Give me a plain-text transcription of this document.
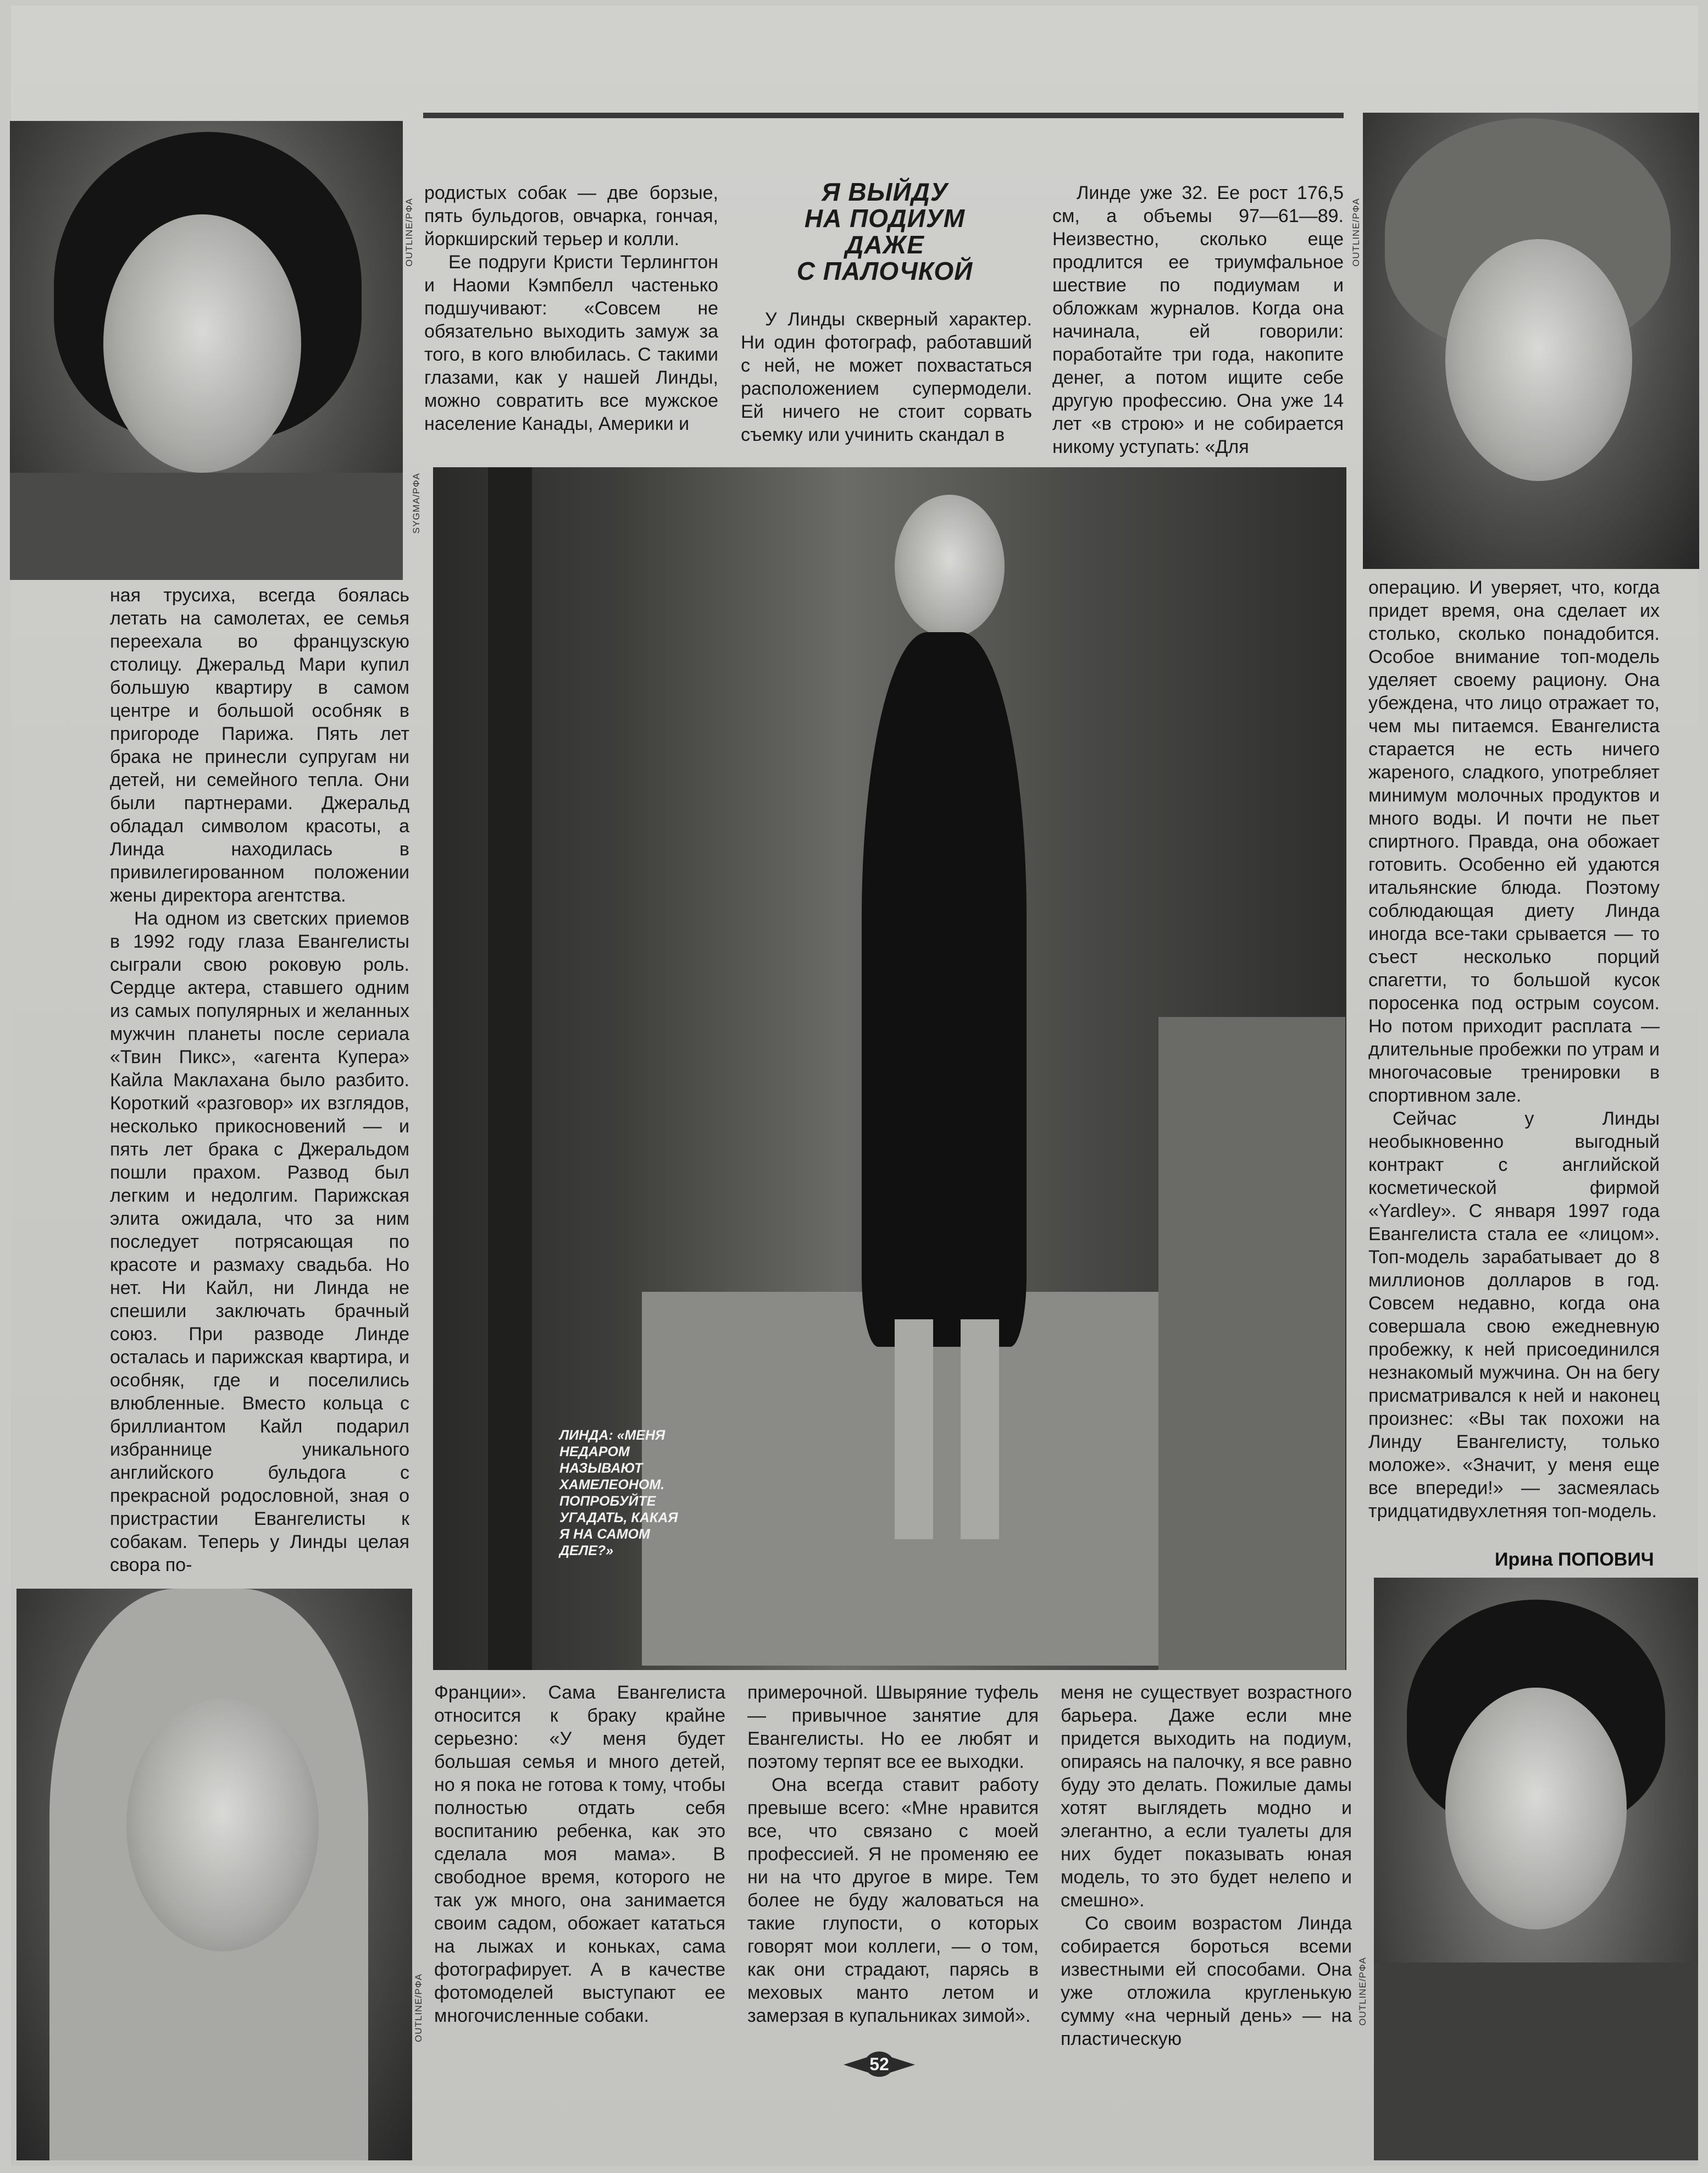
OUTLINE/PФA	OUTLINE/PФA
SYGMA/PФA
ЛИНДА: «МЕНЯ НЕДАРОМ НАЗЫВАЮТ ХАМЕЛЕОНОМ. ПОПРОБУЙТЕ УГАДАТЬ, КАКАЯ Я НА САМОМ ДЕЛЕ?»
OUTLINE/PФA	OUTLINE/PФA
Я ВЫЙДУ
НА ПОДИУМ
ДАЖЕ
С ПАЛОЧКОЙ

родистых собак — две борзые, пять бульдогов, овчарка, гончая, йоркширский терьер и колли.

Ее подруги Кристи Терлингтон и Наоми Кэмпбелл частенько подшучивают: «Совсем не обязательно выходить замуж за того, в кого влюбилась. С такими глазами, как у нашей Линды, можно совратить все мужское население Канады, Америки и

У Линды скверный характер. Ни один фотограф, работавший с ней, не может похвастаться расположением супермодели. Ей ничего не стоит сорвать съемку или учинить скандал в

Линде уже 32. Ее рост 176,5 см, а объемы 97—61—89. Неизвестно, сколько еще продлится ее триумфальное шествие по подиумам и обложкам журналов. Когда она начинала, ей говорили: поработайте три года, накопите денег, а потом ищите себе другую профессию. Она уже 14 лет «в строю» и не собирается никому уступать: «Для

ная трусиха, всегда боялась летать на самолетах, ее семья переехала во французскую столицу. Джеральд Мари купил большую квартиру в самом центре и большой особняк в пригороде Парижа. Пять лет брака не принесли супругам ни детей, ни семейного тепла. Они были партнерами. Джеральд обладал символом красоты, а Линда находилась в привилегированном положении жены директора агентства.

На одном из светских приемов в 1992 году глаза Евангелисты сыграли свою роковую роль. Сердце актера, ставшего одним из самых популярных и желанных мужчин планеты после сериала «Твин Пикс», «агента Купера» Кайла Маклахана было разбито. Короткий «разговор» их взглядов, несколько прикосновений — и пять лет брака с Джеральдом пошли прахом. Развод был легким и недолгим. Парижская элита ожидала, что за ним последует потрясающая по красоте и размаху свадьба. Но нет. Ни Кайл, ни Линда не спешили заключать брачный союз. При разводе Линде осталась и парижская квартира, и особняк, где и поселились влюбленные. Вместо кольца с бриллиантом Кайл подарил избраннице уникального английского бульдога с прекрасной родословной, зная о пристрастии Евангелисты к собакам. Теперь у Линды целая свора по-

операцию. И уверяет, что, когда придет время, она сделает их столько, сколько понадобится. Особое внимание топ-модель уделяет своему рациону. Она убеждена, что лицо отражает то, чем мы питаемся. Евангелиста старается не есть ничего жареного, сладкого, употребляет минимум молочных продуктов и много воды. И почти не пьет спиртного. Правда, она обожает готовить. Особенно ей удаются итальянские блюда. Поэтому соблюдающая диету Линда иногда все-таки срывается — то съест несколько порций спагетти, то большой кусок поросенка под острым соусом. Но потом приходит расплата — длительные пробежки по утрам и многочасовые тренировки в спортивном зале.

Сейчас у Линды необыкновенно выгодный контракт с английской косметической фирмой «Yardley». С января 1997 года Евангелиста стала ее «лицом». Топ-модель зарабатывает до 8 миллионов долларов в год. Совсем недавно, когда она совершала свою ежедневную пробежку, к ней присоединился незнакомый мужчина. Он на бегу присматривался к ней и наконец произнес: «Вы так похожи на Линду Евангелисту, только моложе». «Значит, у меня еще все впереди!» — засмеялась тридцатидвухлетняя топ-модель.

Ирина ПОПОВИЧ

Франции». Сама Евангелиста относится к браку крайне серьезно: «У меня будет большая семья и много детей, но я пока не готова к тому, чтобы полностью отдать себя воспитанию ребенка, как это сделала моя мама». В свободное время, которого не так уж много, она занимается своим садом, обожает кататься на лыжах и коньках, сама фотографирует. А в качестве фотомоделей выступают ее многочисленные собаки.

примерочной. Швыряние туфель — привычное занятие для Евангелисты. Но ее любят и поэтому терпят все ее выходки.

Она всегда ставит работу превыше всего: «Мне нравится все, что связано с моей профессией. Я не променяю ее ни на что другое в мире. Тем более не буду жаловаться на такие глупости, о которых говорят мои коллеги, — о том, как они страдают, парясь в меховых манто летом и замерзая в купальниках зимой».

меня не существует возрастного барьера. Даже если мне придется выходить на подиум, опираясь на палочку, я все равно буду это делать. Пожилые дамы хотят выглядеть модно и элегантно, а если туалеты для них будет показывать юная модель, то это будет нелепо и смешно».

Со своим возрастом Линда собирается бороться всеми известными ей способами. Она уже отложила кругленькую сумму «на черный день» — на пластическую

52
